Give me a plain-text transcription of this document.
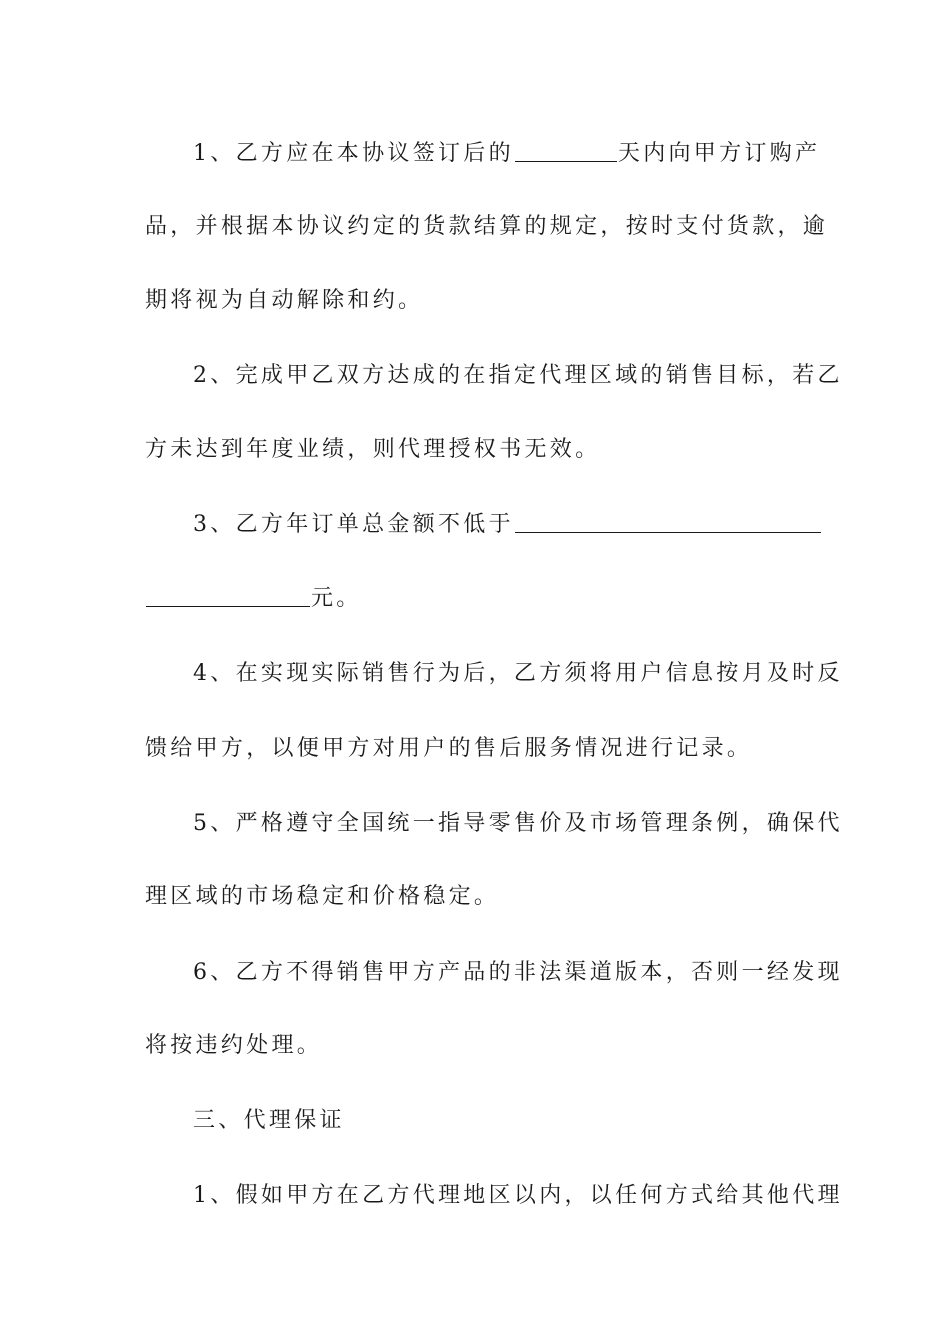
1、乙方应在本协议签订后的	天内向甲方订购产
品，并根据本协议约定的货款结算的规定，按时支付货款，逾
期将视为自动解除和约。
2、完成甲乙双方达成的在指定代理区域的销售目标，若乙
方未达到年度业绩，则代理授权书无效。
3、乙方年订单总金额不低于
元。
4、在实现实际销售行为后，乙方须将用户信息按月及时反
馈给甲方，以便甲方对用户的售后服务情况进行记录。
5、严格遵守全国统一指导零售价及市场管理条例，确保代
理区域的市场稳定和价格稳定。
6、乙方不得销售甲方产品的非法渠道版本，否则一经发现
将按违约处理。
三、代理保证
1、假如甲方在乙方代理地区以内，以任何方式给其他代理
